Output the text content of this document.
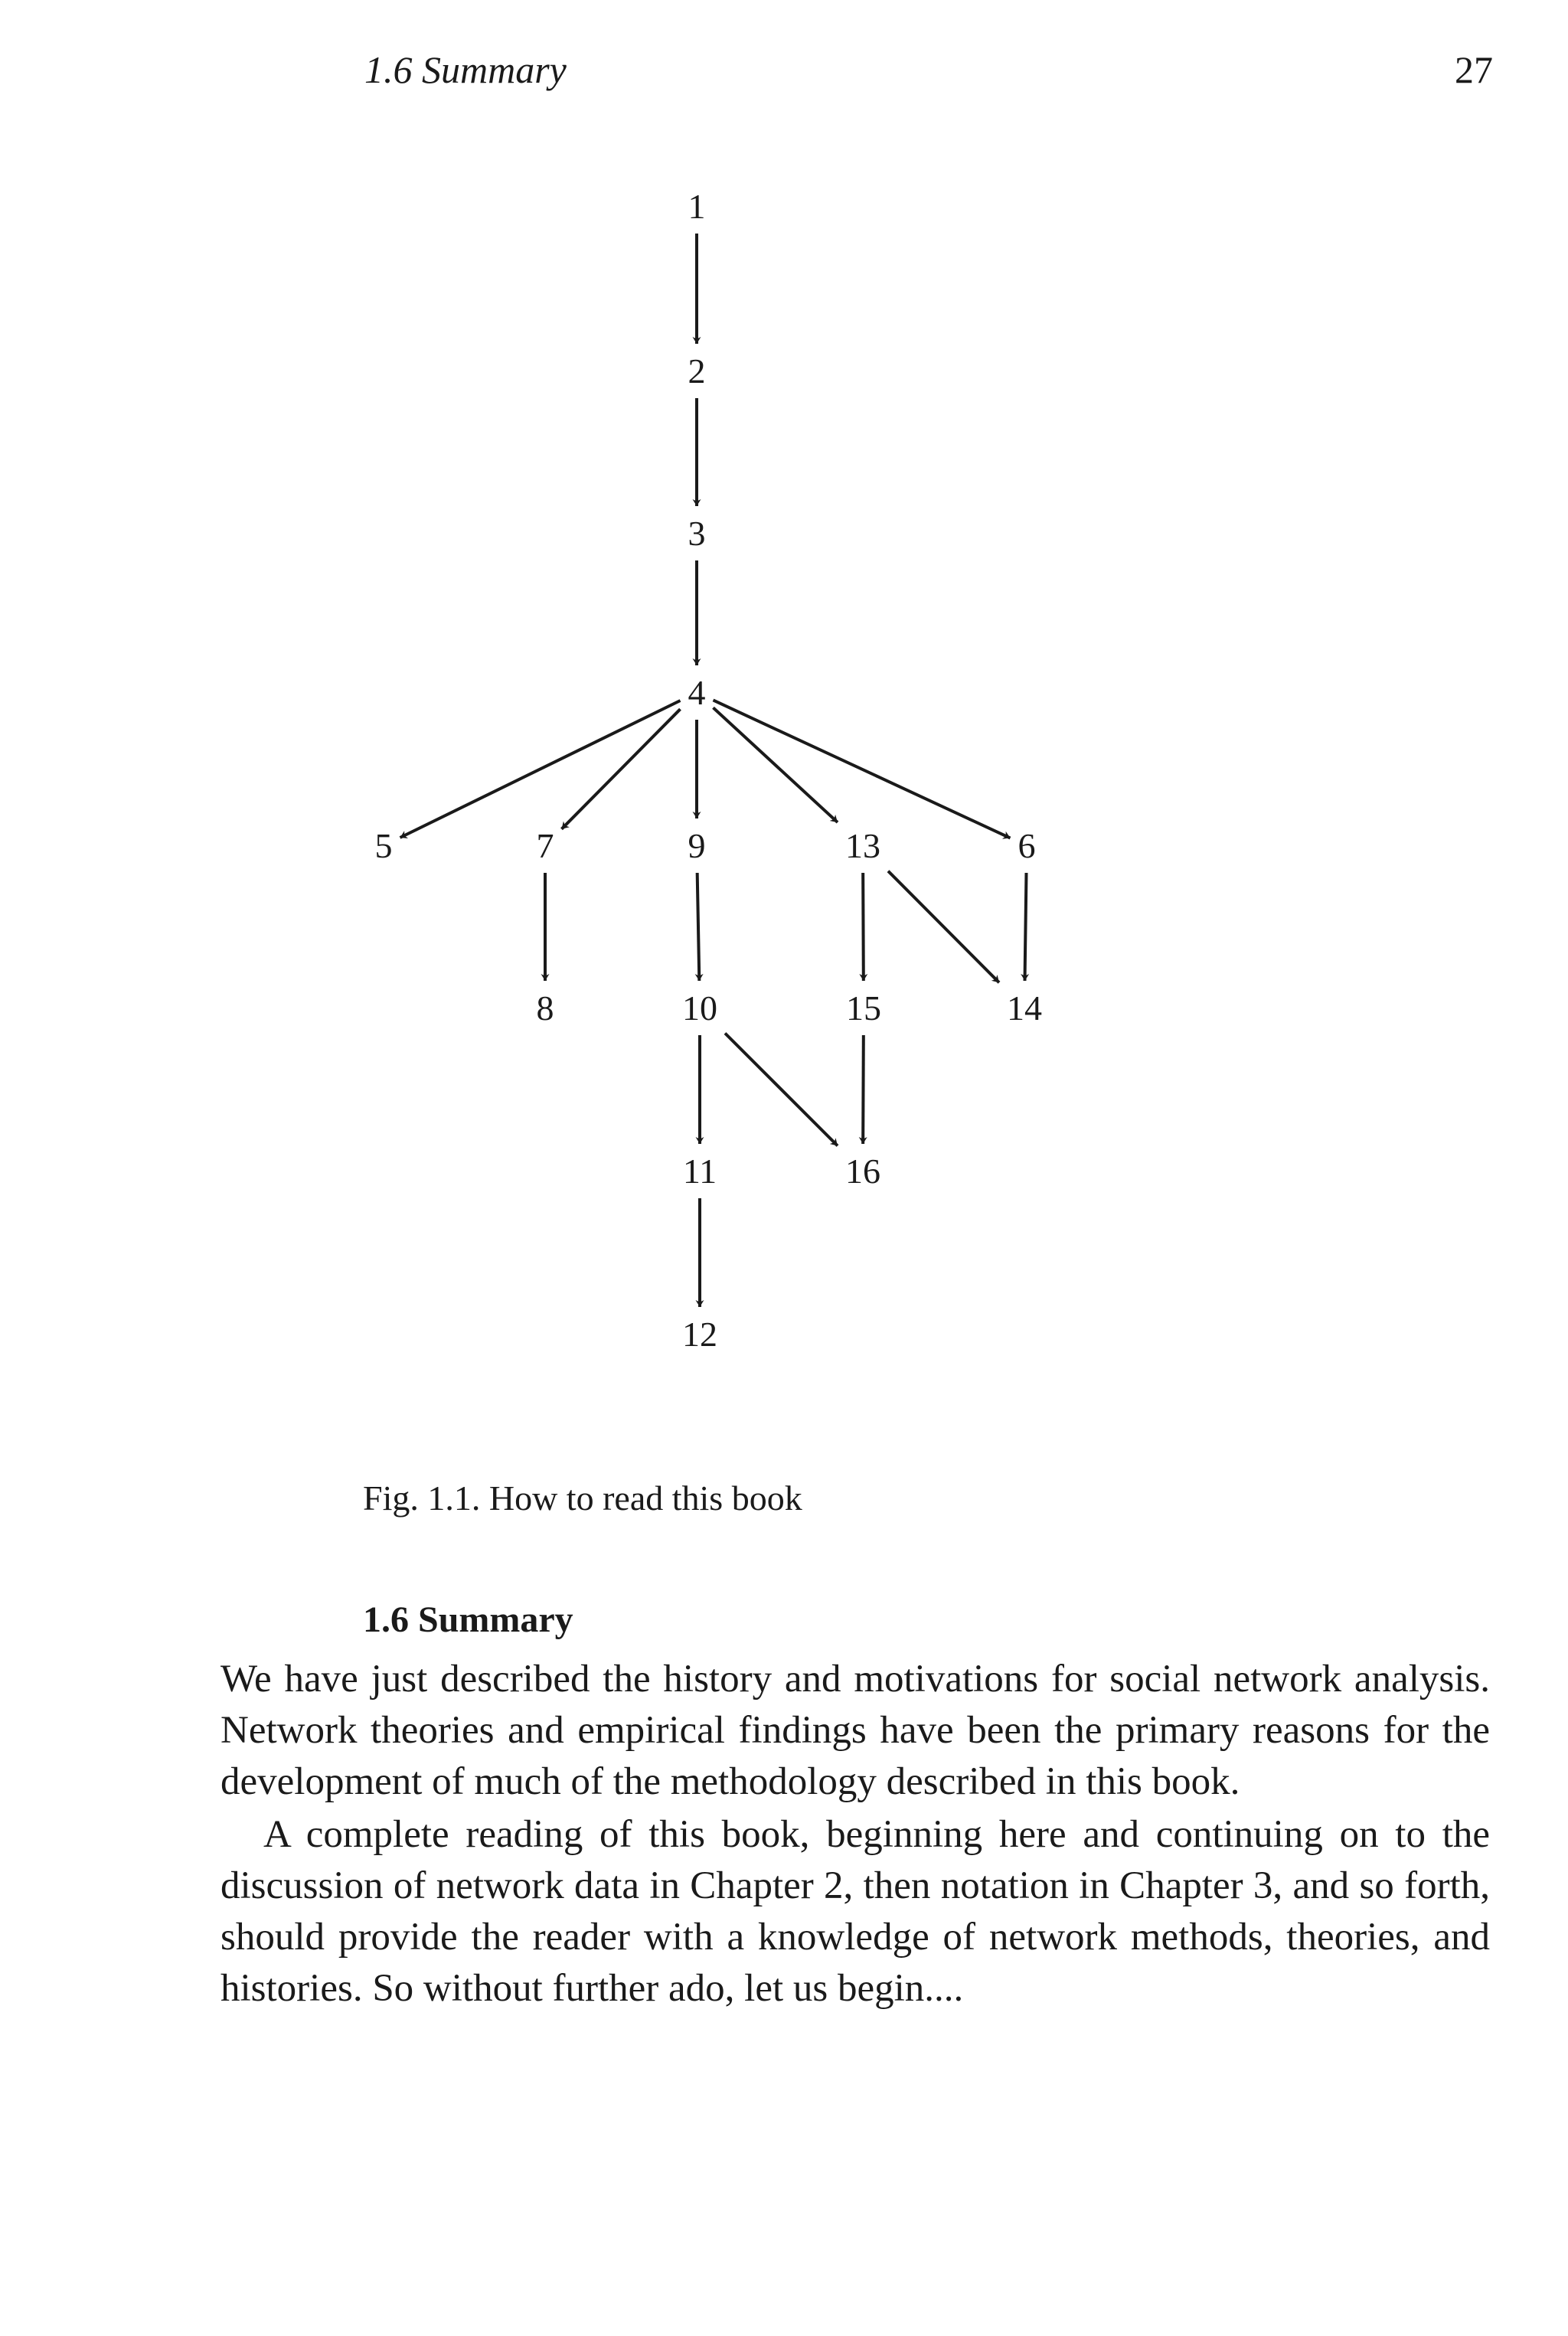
1.6 Summary	27
1
2
3
4
5	7	9	13	6
8	10	15	14
11	16
12
Fig. 1.1. How to read this book
1.6 Summary

We have just described the history and motivations for social network analysis. Network theories and empirical findings have been the primary reasons for the development of much of the methodology described in this book.

A complete reading of this book, beginning here and continuing on to the discussion of network data in Chapter 2, then notation in Chapter 3, and so forth, should provide the reader with a knowledge of network methods, theories, and histories. So without further ado, let us begin....
